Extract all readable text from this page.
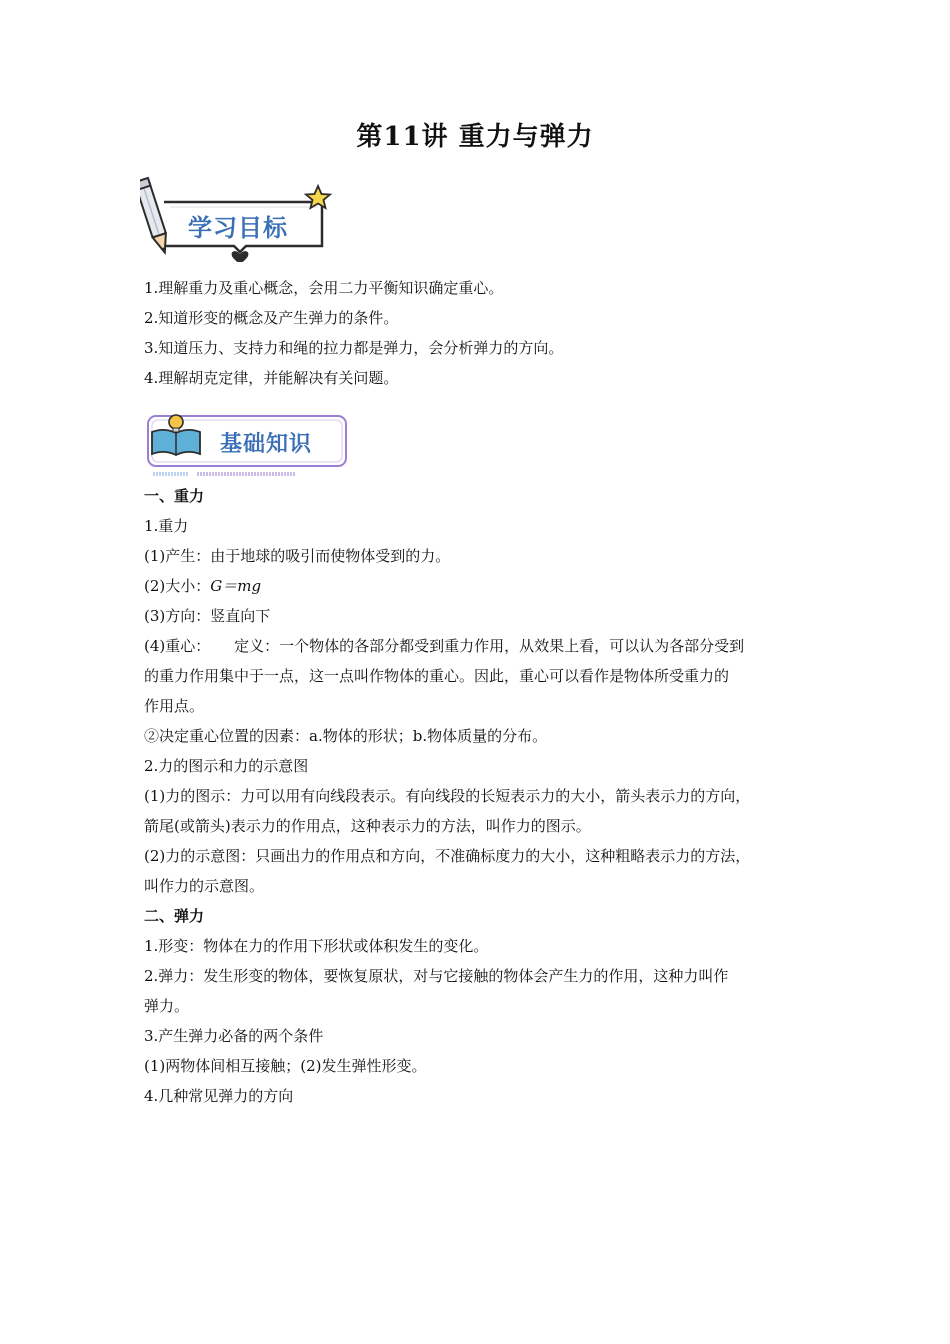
第11讲 重力与弹力
学习目标
1.理解重力及重心概念，会用二力平衡知识确定重心。
2.知道形变的概念及产生弹力的条件。
3.知道压力、支持力和绳的拉力都是弹力，会分析弹力的方向。
4.理解胡克定律，并能解决有关问题。
基础知识
一、重力
1.重力
(1)产生：由于地球的吸引而使物体受到的力。
(2)大小：G＝mg
(3)方向：竖直向下
(4)重心：     定义：一个物体的各部分都受到重力作用，从效果上看，可以认为各部分受到
的重力作用集中于一点，这一点叫作物体的重心。因此，重心可以看作是物体所受重力的
作用点。
②决定重心位置的因素：a.物体的形状；b.物体质量的分布。
2.力的图示和力的示意图
(1)力的图示：力可以用有向线段表示。有向线段的长短表示力的大小，箭头表示力的方向，
箭尾(或箭头)表示力的作用点，这种表示力的方法，叫作力的图示。
(2)力的示意图：只画出力的作用点和方向，不准确标度力的大小，这种粗略表示力的方法，
叫作力的示意图。
二、弹力
1.形变：物体在力的作用下形状或体积发生的变化。
2.弹力：发生形变的物体，要恢复原状，对与它接触的物体会产生力的作用，这种力叫作
弹力。
3.产生弹力必备的两个条件
(1)两物体间相互接触；(2)发生弹性形变。
4.几种常见弹力的方向
